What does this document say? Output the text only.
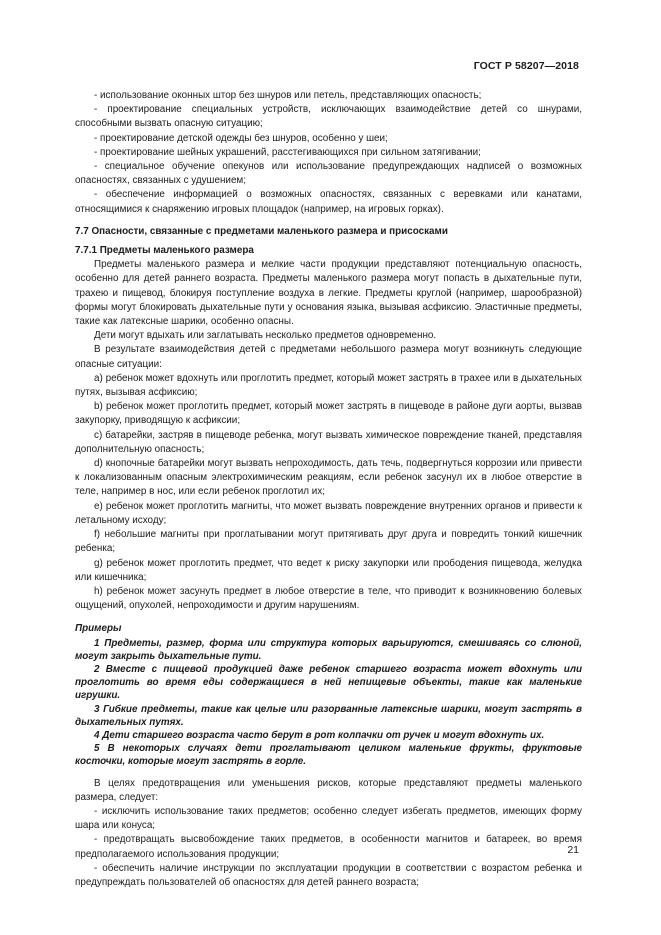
ГОСТ Р 58207—2018

- использование оконных штор без шнуров или петель, представляющих опасность;

- проектирование специальных устройств, исключающих взаимодействие детей со шнурами, способными вызвать опасную ситуацию;

- проектирование детской одежды без шнуров, особенно у шеи;

- проектирование шейных украшений, расстегивающихся при сильном затягивании;

- специальное обучение опекунов или использование предупреждающих надписей о возможных опасностях, связанных с удушением;

- обеспечение информацией о возможных опасностях, связанных с веревками или канатами, относящимися к снаряжению игровых площадок (например, на игровых горках).

7.7 Опасности, связанные с предметами маленького размера и присосками

7.7.1 Предметы маленького размера

Предметы маленького размера и мелкие части продукции представляют потенциальную опасность, особенно для детей раннего возраста. Предметы маленького размера могут попасть в дыхательные пути, трахею и пищевод, блокируя поступление воздуха в легкие. Предметы круглой (например, шарообразной) формы могут блокировать дыхательные пути у основания языка, вызывая асфиксию. Эластичные предметы, такие как латексные шарики, особенно опасны.

Дети могут вдыхать или заглатывать несколько предметов одновременно.

В результате взаимодействия детей с предметами небольшого размера могут возникнуть следующие опасные ситуации:

a) ребенок может вдохнуть или проглотить предмет, который может застрять в трахее или в дыхательных путях, вызывая асфиксию;

b) ребенок может проглотить предмет, который может застрять в пищеводе в районе дуги аорты, вызвав закупорку, приводящую к асфиксии;

c) батарейки, застряв в пищеводе ребенка, могут вызвать химическое повреждение тканей, представляя дополнительную опасность;

d) кнопочные батарейки могут вызвать непроходимость, дать течь, подвергнуться коррозии или привести к локализованным опасным электрохимическим реакциям, если ребенок засунул их в любое отверстие в теле, например в нос, или если ребенок проглотил их;

e) ребенок может проглотить магниты, что может вызвать повреждение внутренних органов и привести к летальному исходу;

f) небольшие магниты при проглатывании могут притягивать друг друга и повредить тонкий кишечник ребенка;

g) ребенок может проглотить предмет, что ведет к риску закупорки или прободения пищевода, желудка или кишечника;

h) ребенок может засунуть предмет в любое отверстие в теле, что приводит к возникновению болевых ощущений, опухолей, непроходимости и другим нарушениям.

Примеры

1 Предметы, размер, форма или структура которых варьируются, смешиваясь со слюной, могут закрыть дыхательные пути.

2 Вместе с пищевой продукцией даже ребенок старшего возраста может вдохнуть или проглотить во время еды содержащиеся в ней непищевые объекты, такие как маленькие игрушки.

3 Гибкие предметы, такие как целые или разорванные латексные шарики, могут застрять в дыхательных путях.

4 Дети старшего возраста часто берут в рот колпачки от ручек и могут вдохнуть их.

5 В некоторых случаях дети проглатывают целиком маленькие фрукты, фруктовые косточки, которые могут застрять в горле.

В целях предотвращения или уменьшения рисков, которые представляют предметы маленького размера, следует:

- исключить использование таких предметов; особенно следует избегать предметов, имеющих форму шара или конуса;

- предотвращать высвобождение таких предметов, в особенности магнитов и батареек, во время предполагаемого использования продукции;

- обеспечить наличие инструкции по эксплуатации продукции в соответствии с возрастом ребенка и предупреждать пользователей об опасностях для детей раннего возраста;

21
